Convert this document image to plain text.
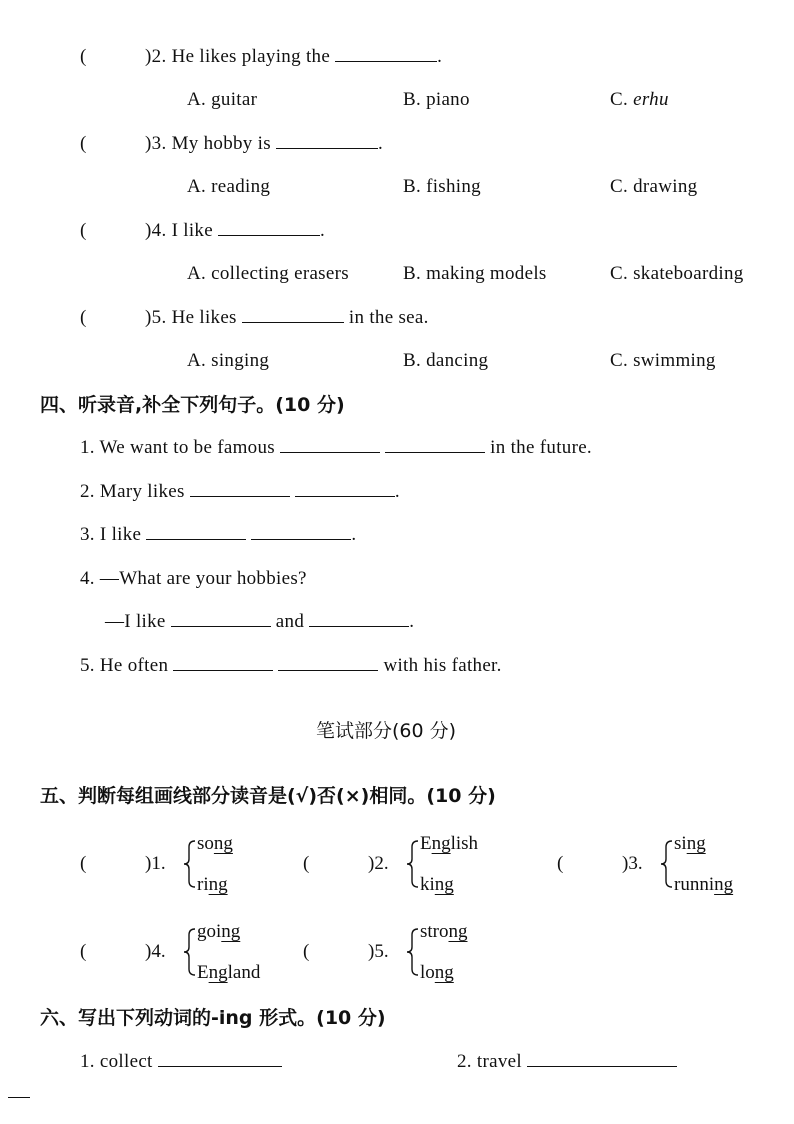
(	)2. He likes playing the	.
A. guitar	B. piano	C. erhu
(	)3. My hobby is	.
A. reading	B. fishing	C. drawing
(	)4. I like	.
A. collecting erasers	B. making models	C. skateboarding
(	)5. He likes	in the sea.
A. singing	B. dancing	C. swimming
四、听录音,补全下列句子。(10 分)
1. We want to be famous	in the future.
2. Mary likes	.
3. I like	.
4. —What are your hobbies?
—I like	and	.
5. He often	with his father.
笔试部分(60 分)
五、判断每组画线部分读音是(√)否(×)相同。(10 分)
(	)1.
song
ring
(	)2.
English
king
(	)3.
sing
running
(	)4.
going
England
(	)5.
strong
long
六、写出下列动词的-ing 形式。(10 分)
1. collect	2. travel
